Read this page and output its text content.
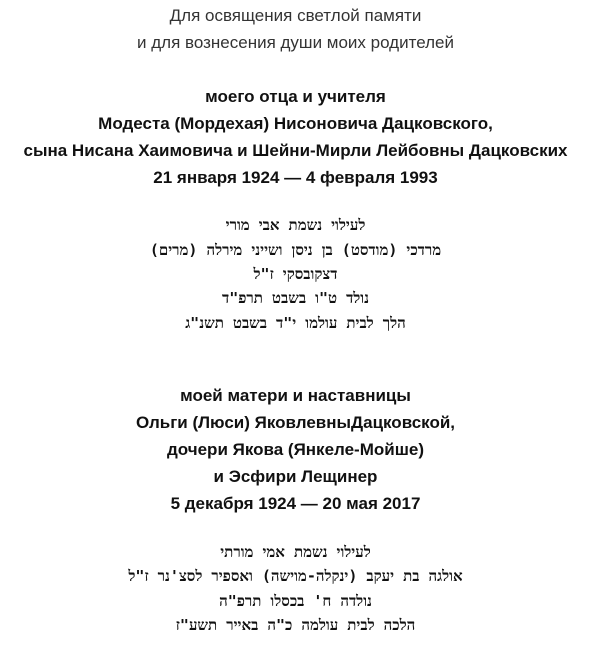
Для освящения светлой памяти
и для вознесения души моих родителей
моего отца и учителя
Модеста (Мордехая) Нисоновича Дацковского,
сына Нисана Хаимовича и Шейни-Мирли Лейбовны Дацковских
21 января 1924 — 4 февраля 1993
לעילוי נשמת אבי מורי
מרדכי (מודסט) בן ניסן ושייני מירלה (מרים)
דצקובסקי ז"ל
נולד ט"ו בשבט תרפ"ד
הלך לבית עולמו י"ד בשבט תשנ"ג
моей матери и наставницы
Ольги (Люси) ЯковлевныДацковской,
дочери Якова (Янкеле-Мойше)
и Эсфири Лещинер
5 декабря 1924 — 20 мая 2017
לעילוי נשמת אמי מורתי
אולגה בת יעקב (ינקלה-מוישה) ואספיר לסצ'נר ז"ל
נולדה ח' בכסלו תרפ"ה
הלכה לבית עולמה כ"ה באייר תשע"ז
